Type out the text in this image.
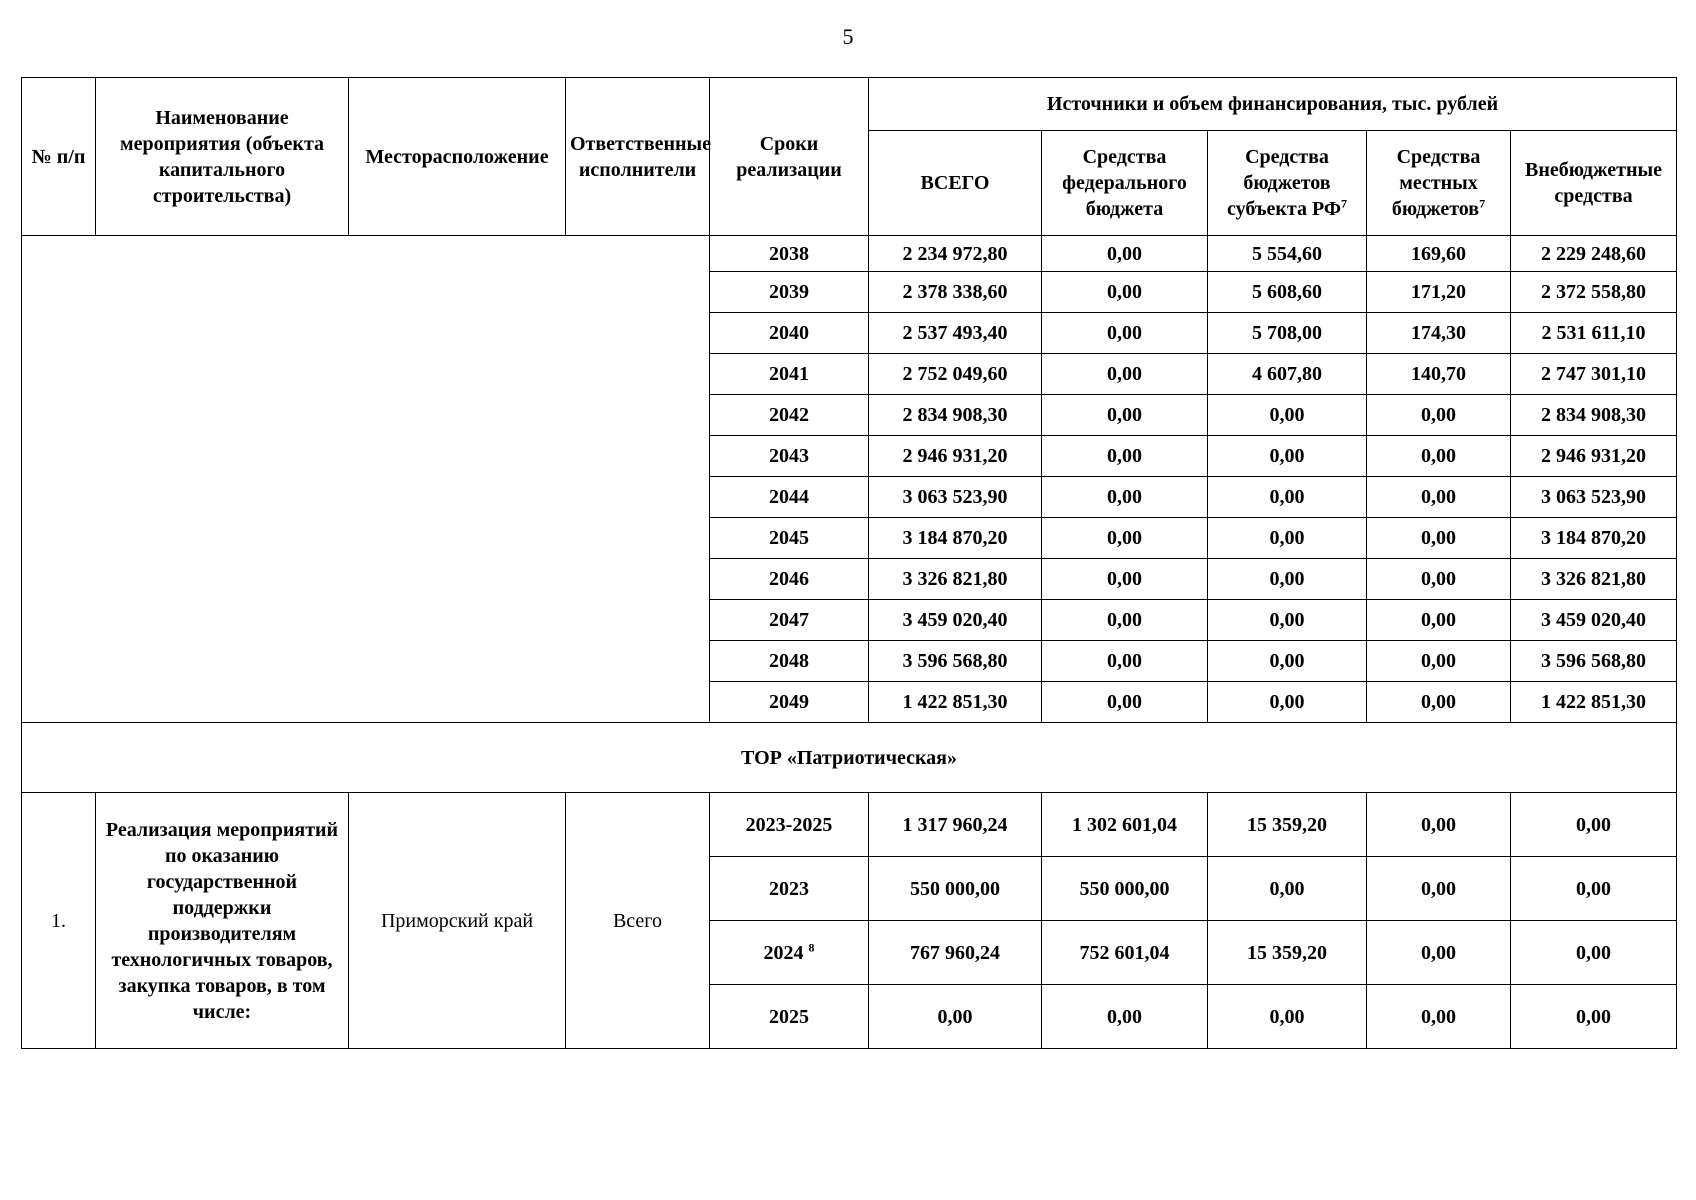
5
№ п/п	Наименование мероприятия (объекта капитального строительства)	Месторасположение	Ответственные исполнители	Сроки реализации	Источники и объем финансирования, тыс. рублей				
					ВСЕГО	Средства федерального бюджета	Средства бюджетов субъекта $РФ^7$	Средства местных бюджетов$^7$	Внебюджетные средства
				2038	2 234 972,80	0,00	5 554,60	169,60	2 229 248,60
				2039	2 378 338,60	0,00	5 608,60	171,20	2 372 558,80
				2040	2 537 493,40	0,00	5 708,00	174,30	2 531 611,10
				2041	2 752 049,60	0,00	4 607,80	140,70	2 747 301,10
				2042	2 834 908,30	0,00	0,00	0,00	2 834 908,30
				2043	2 946 931,20	0,00	0,00	0,00	2 946 931,20
				2044	3 063 523,90	0,00	0,00	0,00	3 063 523,90
				2045	3 184 870,20	0,00	0,00	0,00	3 184 870,20
				2046	3 326 821,80	0,00	0,00	0,00	3 326 821,80
				2047	3 459 020,40	0,00	0,00	0,00	3 459 020,40
				2048	3 596 568,80	0,00	0,00	0,00	3 596 568,80
				2049	1 422 851,30	0,00	0,00	0,00	1 422 851,30
ТОР «Патриотическая»									
1.	Реализация мероприятий по оказанию государственной поддержки производителям технологичных товаров, закупка товаров, в том числе:	Приморский край	Всего	2023-2025	1 317 960,24	1 302 601,04	15 359,20	0,00	0,00
				2023	550 000,00	550 000,00	0,00	0,00	0,00
				2024 $^8$	767 960,24	752 601,04	15 359,20	0,00	0,00
				2025	0,00	0,00	0,00	0,00	0,00
